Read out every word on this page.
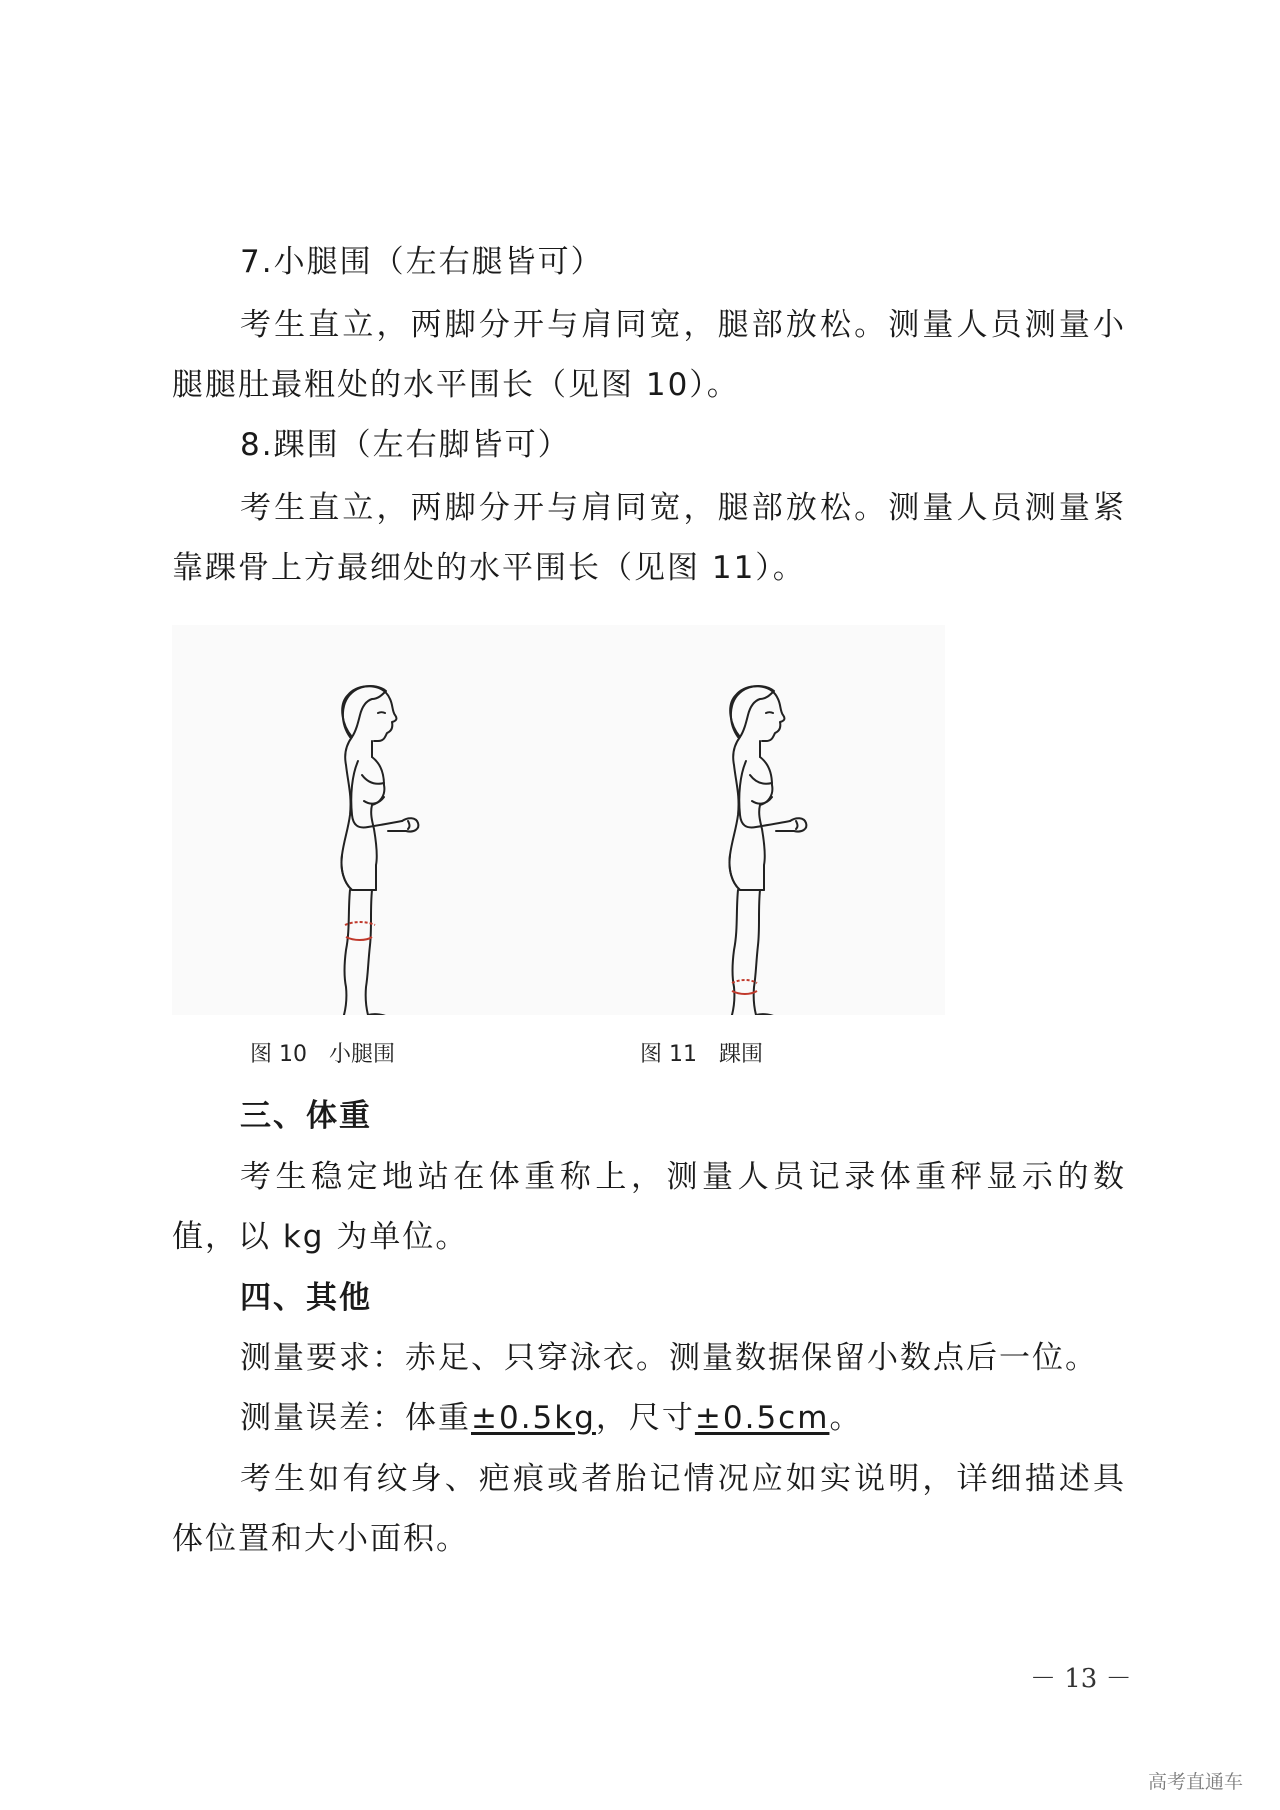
7.小腿围（左右腿皆可）
考生直立，两脚分开与肩同宽，腿部放松。测量人员测量小
腿腿肚最粗处的水平围长（见图 10）。
8.踝围（左右脚皆可）
考生直立，两脚分开与肩同宽，腿部放松。测量人员测量紧
靠踝骨上方最细处的水平围长（见图 11）。
图 10　小腿围	图 11　踝围
三、体重
考生稳定地站在体重称上，测量人员记录体重秤显示的数
值，以 kg 为单位。
四、其他
测量要求：赤足、只穿泳衣。测量数据保留小数点后一位。
测量误差：体重±0.5kg，尺寸±0.5cm。
考生如有纹身、疤痕或者胎记情况应如实说明，详细描述具
体位置和大小面积。
－ 13 －
高考直通车
